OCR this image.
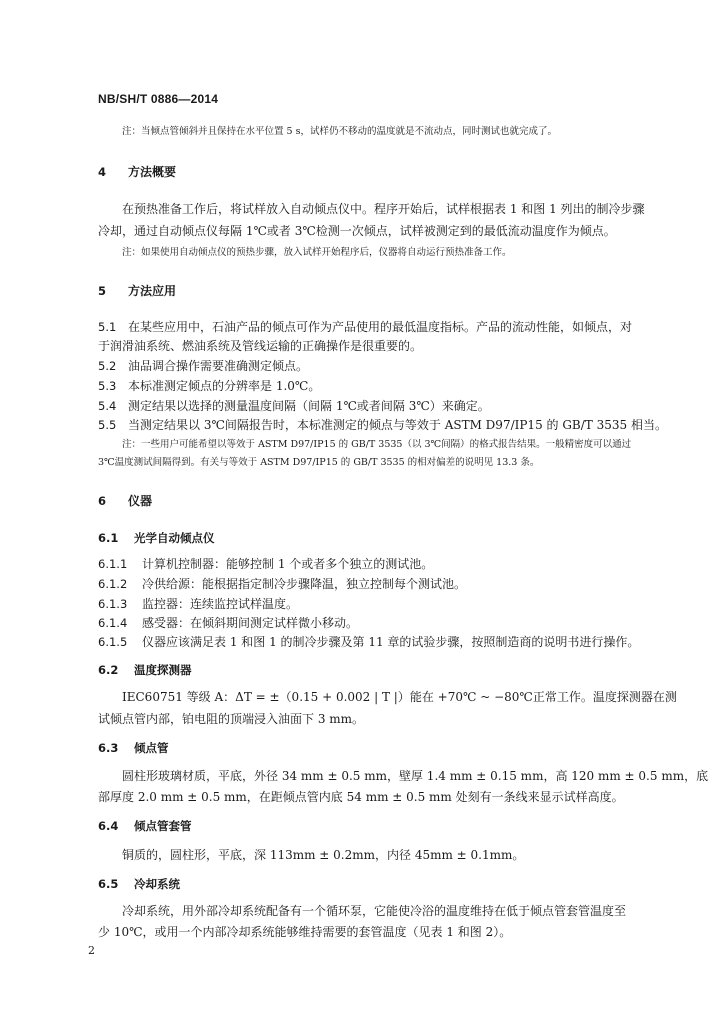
NB/SH/T 0886—2014
注：当倾点管倾斜并且保持在水平位置 5 s，试样仍不移动的温度就是不流动点，同时测试也就完成了。
4 方法概要
在预热准备工作后，将试样放入自动倾点仪中。程序开始后，试样根据表 1 和图 1 列出的制冷步骤
冷却，通过自动倾点仪每隔 1℃或者 3℃检测一次倾点，试样被测定到的最低流动温度作为倾点。
注：如果使用自动倾点仪的预热步骤，放入试样开始程序后，仪器将自动运行预热准备工作。
5 方法应用
5.1 在某些应用中，石油产品的倾点可作为产品使用的最低温度指标。产品的流动性能，如倾点，对
于润滑油系统、燃油系统及管线运输的正确操作是很重要的。
5.2 油品调合操作需要准确测定倾点。
5.3 本标准测定倾点的分辨率是 1.0℃。
5.4 测定结果以选择的测量温度间隔（间隔 1℃或者间隔 3℃）来确定。
5.5 当测定结果以 3℃间隔报告时，本标准测定的倾点与等效于 ASTM D97/IP15 的 GB/T 3535 相当。
注：一些用户可能希望以等效于 ASTM D97/IP15 的 GB/T 3535（以 3℃间隔）的格式报告结果。一般精密度可以通过
3℃温度测试间隔得到。有关与等效于 ASTM D97/IP15 的 GB/T 3535 的相对偏差的说明见 13.3 条。
6 仪器
6.1 光学自动倾点仪
6.1.1 计算机控制器：能够控制 1 个或者多个独立的测试池。
6.1.2 冷供给源：能根据指定制冷步骤降温，独立控制每个测试池。
6.1.3 监控器：连续监控试样温度。
6.1.4 感受器：在倾斜期间测定试样微小移动。
6.1.5 仪器应该满足表 1 和图 1 的制冷步骤及第 11 章的试验步骤，按照制造商的说明书进行操作。
6.2 温度探测器
IEC60751 等级 A：ΔT = ±（0.15 + 0.002 | T |）能在 +70℃ ~ −80℃正常工作。温度探测器在测
试倾点管内部，铂电阻的顶端浸入油面下 3 mm。
6.3 倾点管
圆柱形玻璃材质，平底，外径 34 mm ± 0.5 mm，壁厚 1.4 mm ± 0.15 mm，高 120 mm ± 0.5 mm，底
部厚度 2.0 mm ± 0.5 mm，在距倾点管内底 54 mm ± 0.5 mm 处刻有一条线来显示试样高度。
6.4 倾点管套管
铜质的，圆柱形，平底，深 113mm ± 0.2mm，内径 45mm ± 0.1mm。
6.5 冷却系统
冷却系统，用外部冷却系统配备有一个循环泵，它能使冷浴的温度维持在低于倾点管套管温度至
少 10℃，或用一个内部冷却系统能够维持需要的套管温度（见表 1 和图 2）。
2
